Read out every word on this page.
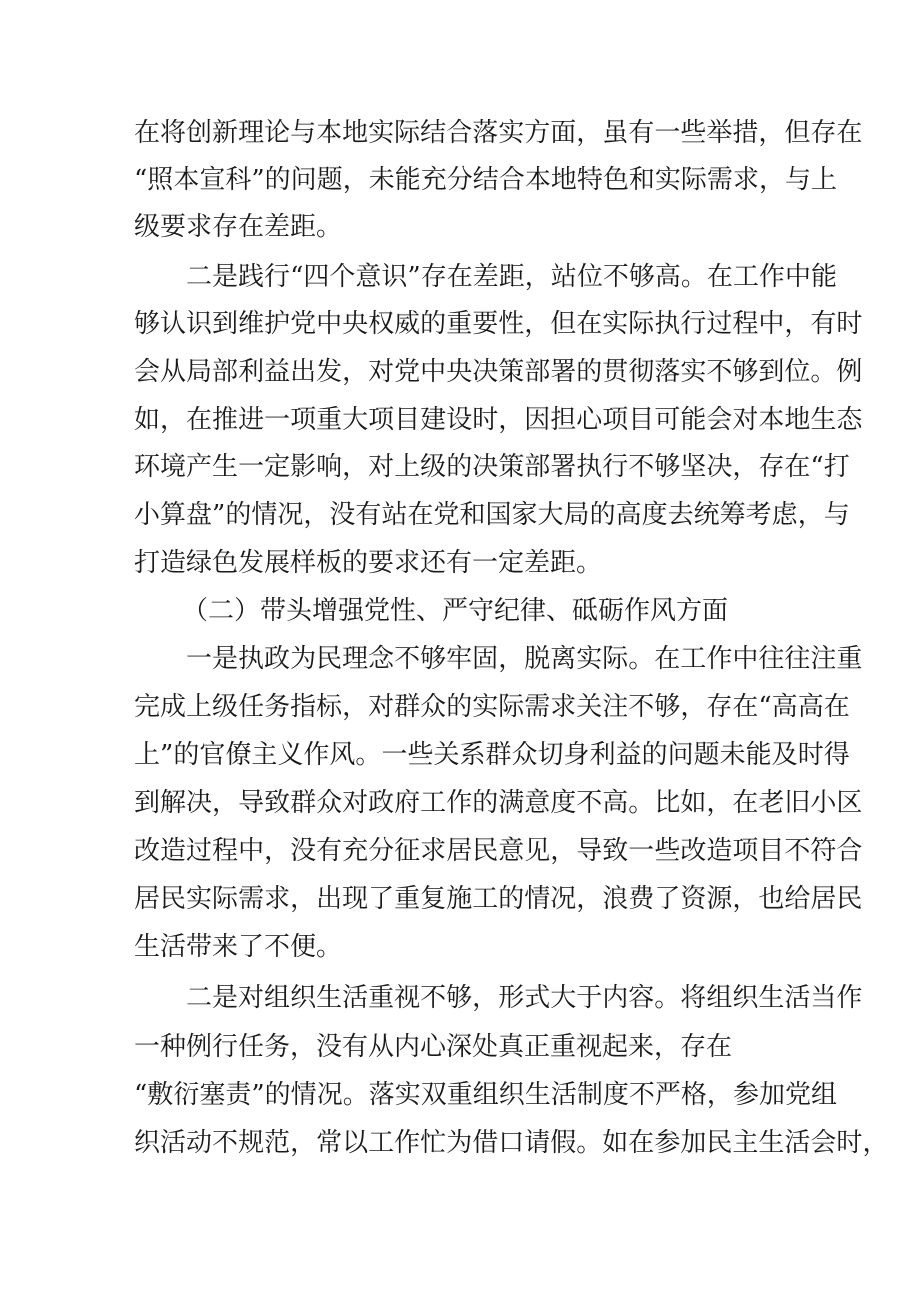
在 将 创 新 理 论 与 本 地 实 际 结 合 落 实 方 面 ， 虽 有 一 些 举 措 ， 但 存 在
“ 照 本 宣 科 ” 的 问 题 ， 未 能 充 分 结 合 本 地 特 色 和 实 际 需 求 ， 与 上
级要求存在差距。
二 是 践 行 “ 四 个 意 识 ” 存 在 差 距 ， 站 位 不 够 高 。 在 工 作 中 能
够 认 识 到 维 护 党 中 央 权 威 的 重 要 性 ， 但 在 实 际 执 行 过 程 中 ， 有 时
会 从 局 部 利 益 出 发 ， 对 党 中 央 决 策 部 署 的 贯 彻 落 实 不 够 到 位 。 例
如 ， 在 推 进 一 项 重 大 项 目 建 设 时 ， 因 担 心 项 目 可 能 会 对 本 地 生 态
环 境 产 生 一 定 影 响 ， 对 上 级 的 决 策 部 署 执 行 不 够 坚 决 ， 存 在 “ 打
小 算 盘 ” 的 情 况 ， 没 有 站 在 党 和 国 家 大 局 的 高 度 去 统 筹 考 虑 ， 与
打造绿色发展样板的要求还有一定差距。
（二）带头增强党性、严守纪律、砥砺作风方面
一 是 执 政 为 民 理 念 不 够 牢 固 ， 脱 离 实 际 。 在 工 作 中 往 往 注 重
完 成 上 级 任 务 指 标 ， 对 群 众 的 实 际 需 求 关 注 不 够 ， 存 在 “ 高 高 在
上 ” 的 官 僚 主 义 作 风 。 一 些 关 系 群 众 切 身 利 益 的 问 题 未 能 及 时 得
到 解 决 ， 导 致 群 众 对 政 府 工 作 的 满 意 度 不 高 。 比 如 ， 在 老 旧 小 区
改 造 过 程 中 ， 没 有 充 分 征 求 居 民 意 见 ， 导 致 一 些 改 造 项 目 不 符 合
居 民 实 际 需 求 ， 出 现 了 重 复 施 工 的 情 况 ， 浪 费 了 资 源 ， 也 给 居 民
生活带来了不便。
二 是 对 组 织 生 活 重 视 不 够 ， 形 式 大 于 内 容 。 将 组 织 生 活 当 作
一种例行任务，没有从内心深处真正重视起来，存在
“ 敷 衍 塞 责 ” 的 情 况 。 落 实 双 重 组 织 生 活 制 度 不 严 格 ， 参 加 党 组
织 活 动 不 规 范 ， 常 以 工 作 忙 为 借 口 请 假 。 如 在 参 加 民 主 生 活 会 时 ，
